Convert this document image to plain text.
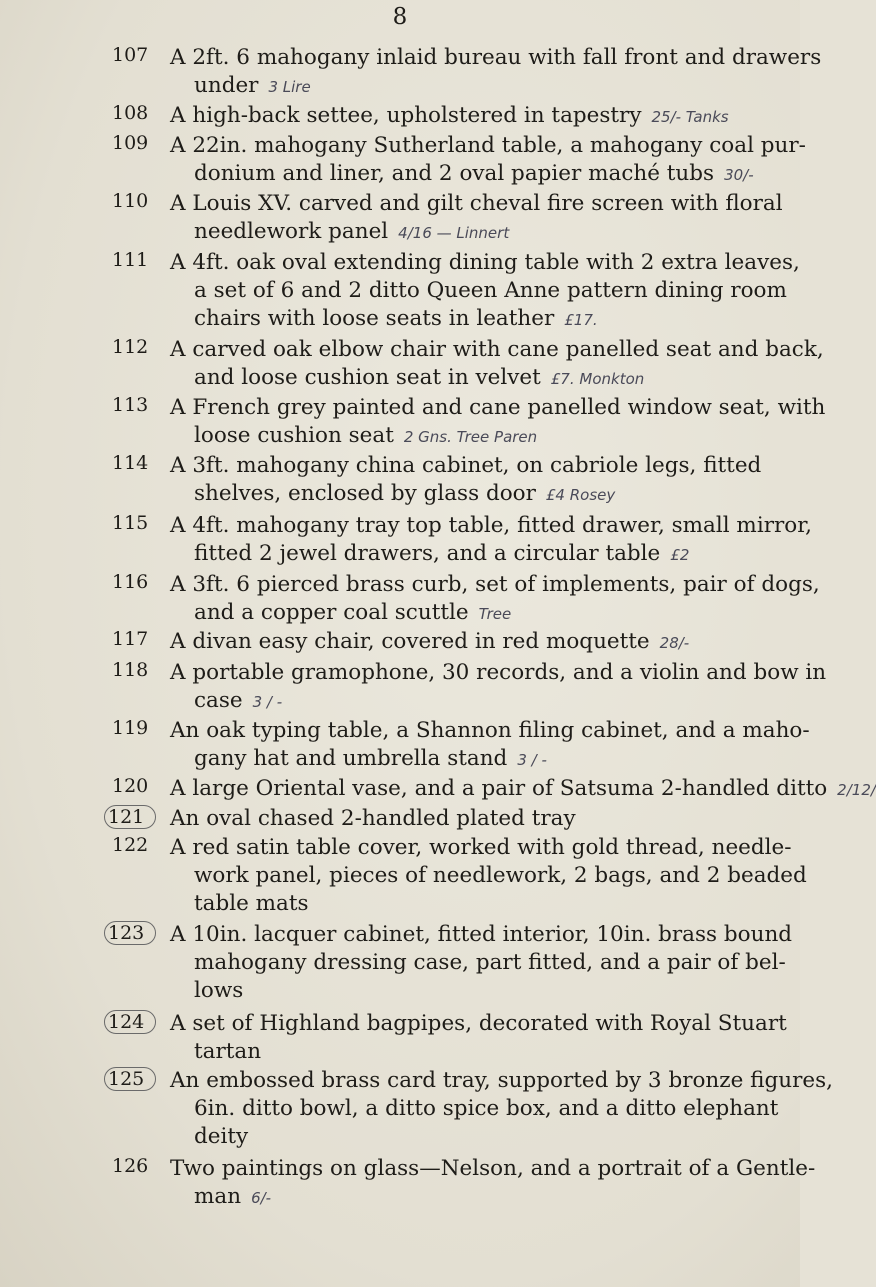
8
107	A 2ft. 6 mahogany inlaid bureau with fall front and drawers
under 3 Lire
108	A high-back settee, upholstered in tapestry 25/- Tanks
109	A 22in. mahogany Sutherland table, a mahogany coal pur-
donium and liner, and 2 oval papier maché tubs 30/-
110	A Louis XV. carved and gilt cheval fire screen with floral
needlework panel 4/16 — Linnert
111	A 4ft. oak oval extending dining table with 2 extra leaves,
a set of 6 and 2 ditto Queen Anne pattern dining room
chairs with loose seats in leather £17.
112	A carved oak elbow chair with cane panelled seat and back,
and loose cushion seat in velvet £7. Monkton
113	A French grey painted and cane panelled window seat, with
loose cushion seat 2 Gns. Tree Paren
114	A 3ft. mahogany china cabinet, on cabriole legs, fitted
shelves, enclosed by glass door £4 Rosey
115	A 4ft. mahogany tray top table, fitted drawer, small mirror,
fitted 2 jewel drawers, and a circular table £2
116	A 3ft. 6 pierced brass curb, set of implements, pair of dogs,
and a copper coal scuttle Tree
117	A divan easy chair, covered in red moquette 28/-
118	A portable gramophone, 30 records, and a violin and bow in
case 3 / -
119	An oak typing table, a Shannon filing cabinet, and a maho-
gany hat and umbrella stand 3 / -
120	A large Oriental vase, and a pair of Satsuma 2-handled ditto 2/12/
121	An oval chased 2-handled plated tray
122	A red satin table cover, worked with gold thread, needle-
work panel, pieces of needlework, 2 bags, and 2 beaded
table mats
123	A 10in. lacquer cabinet, fitted interior, 10in. brass bound
mahogany dressing case, part fitted, and a pair of bel-
lows
124	A set of Highland bagpipes, decorated with Royal Stuart
tartan
125	An embossed brass card tray, supported by 3 bronze figures,
6in. ditto bowl, a ditto spice box, and a ditto elephant
deity
126	Two paintings on glass—Nelson, and a portrait of a Gentle-
man 6/-
